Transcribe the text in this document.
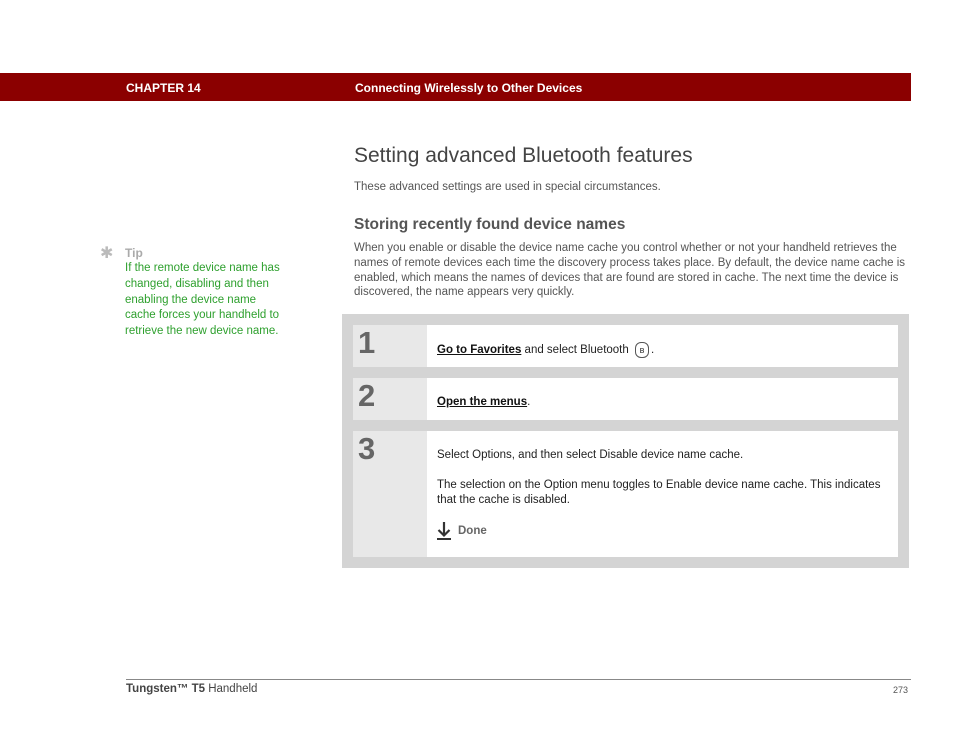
CHAPTER 14	Connecting Wirelessly to Other Devices
✱ Tip
If the remote device name has changed, disabling and then enabling the device name cache forces your handheld to retrieve the new device name.
Setting advanced Bluetooth features

These advanced settings are used in special circumstances.

Storing recently found device names

When you enable or disable the device name cache you control whether or not your handheld retrieves the names of remote devices each time the discovery process takes place. By default, the device name cache is enabled, which means the names of devices that are found are stored in cache. The next time the device is discovered, the name appears very quickly.

1	Go to Favorites and select Bluetooth ʙ .

2	Open the menus.

3	Select Options, and then select Disable device name cache.

The selection on the Option menu toggles to Enable device name cache. This indicates that the cache is disabled.

Done
Tungsten™ T5 Handheld	273
